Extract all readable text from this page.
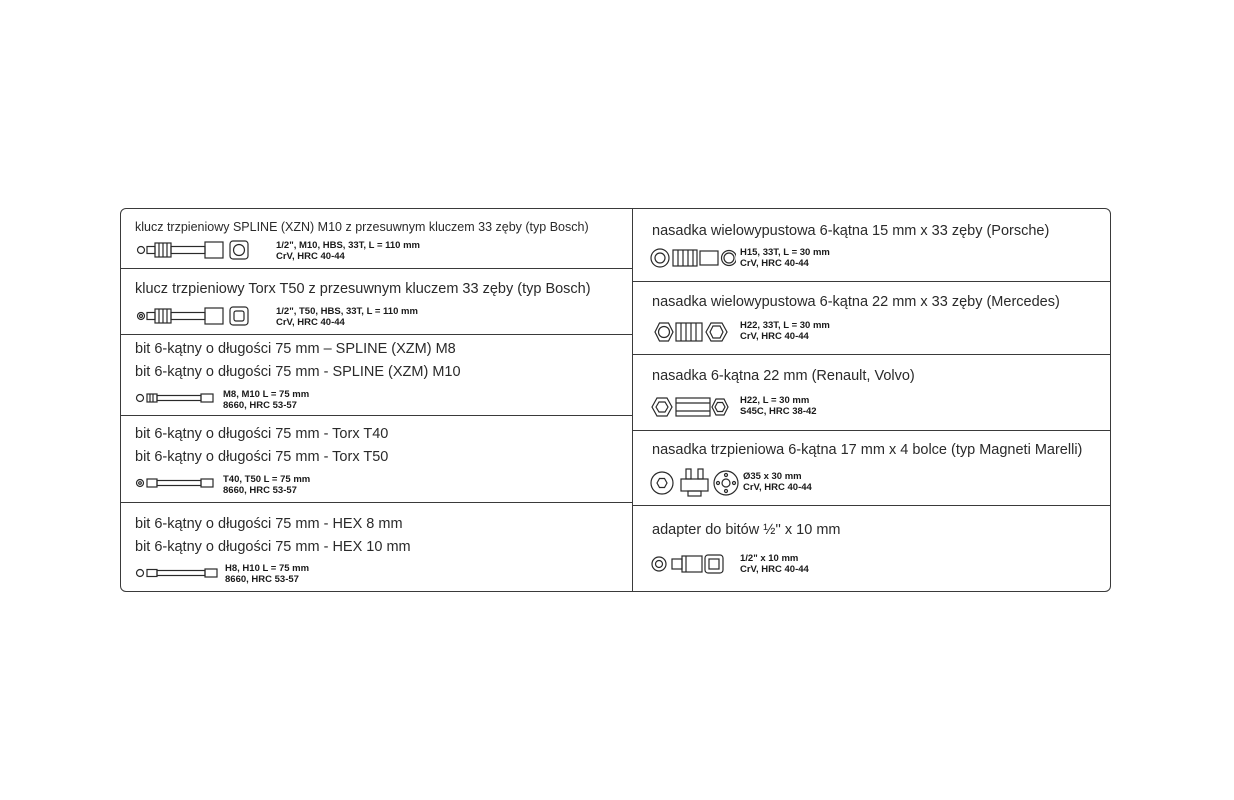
klucz trzpieniowy SPLINE (XZN) M10 z przesuwnym kluczem 33 zęby (typ Bosch)
1/2", M10, HBS, 33T, L = 110 mm
CrV, HRC 40-44
klucz trzpieniowy Torx T50 z przesuwnym kluczem 33 zęby (typ Bosch)
1/2", T50, HBS, 33T, L = 110 mm
CrV, HRC 40-44
bit 6-kątny o długości 75 mm – SPLINE (XZM) M8
bit 6-kątny o długości 75 mm - SPLINE (XZM) M10
M8, M10 L = 75 mm
8660, HRC 53-57
bit 6-kątny o długości 75 mm - Torx T40
bit 6-kątny o długości 75 mm - Torx T50
T40, T50 L = 75 mm
8660, HRC 53-57
bit 6-kątny o długości 75 mm - HEX 8 mm
bit 6-kątny o długości 75 mm - HEX 10 mm
H8, H10 L = 75 mm
8660, HRC 53-57
nasadka wielowypustowa 6-kątna 15 mm x 33 zęby (Porsche)
H15, 33T, L = 30 mm
CrV, HRC 40-44
nasadka wielowypustowa 6-kątna 22 mm x 33 zęby (Mercedes)
H22, 33T, L = 30 mm
CrV, HRC 40-44
nasadka 6-kątna 22 mm (Renault, Volvo)
H22, L = 30 mm
S45C, HRC 38-42
nasadka trzpieniowa 6-kątna 17 mm x 4 bolce (typ Magneti Marelli)
Ø35 x 30 mm
CrV, HRC 40-44
adapter do bitów ½'' x 10 mm
1/2" x 10 mm
CrV, HRC 40-44
